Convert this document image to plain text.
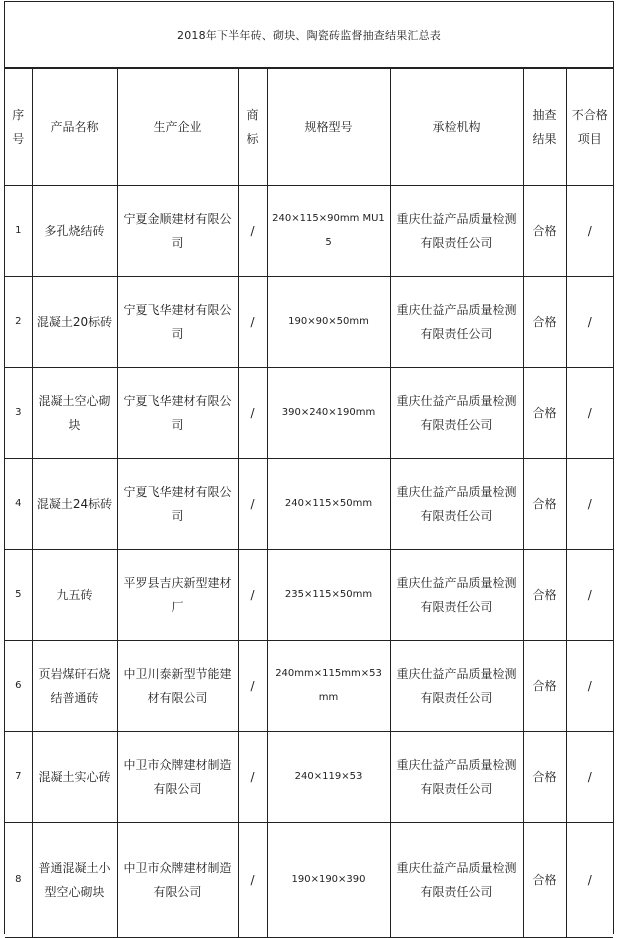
2018年下半年砖、砌块、陶瓷砖监督抽查结果汇总表
序号	产品名称	生产企业	商标	规格型号	承检机构	抽查结果	不合格项目
1	多孔烧结砖	宁夏金顺建材有限公司	/	240×115×90mm MU15	重庆仕益产品质量检测有限责任公司	合格	/
2	混凝土20标砖	宁夏飞华建材有限公司	/	190×90×50mm	重庆仕益产品质量检测有限责任公司	合格	/
3	混凝土空心砌块	宁夏飞华建材有限公司	/	390×240×190mm	重庆仕益产品质量检测有限责任公司	合格	/
4	混凝土24标砖	宁夏飞华建材有限公司	/	240×115×50mm	重庆仕益产品质量检测有限责任公司	合格	/
5	九五砖	平罗县吉庆新型建材厂	/	235×115×50mm	重庆仕益产品质量检测有限责任公司	合格	/
6	页岩煤矸石烧结普通砖	中卫川泰新型节能建材有限公司	/	240mm×115mm×53mm	重庆仕益产品质量检测有限责任公司	合格	/
7	混凝土实心砖	中卫市众牌建材制造有限公司	/	240×119×53	重庆仕益产品质量检测有限责任公司	合格	/
8	普通混凝土小型空心砌块	中卫市众牌建材制造有限公司	/	190×190×390	重庆仕益产品质量检测有限责任公司	合格	/
